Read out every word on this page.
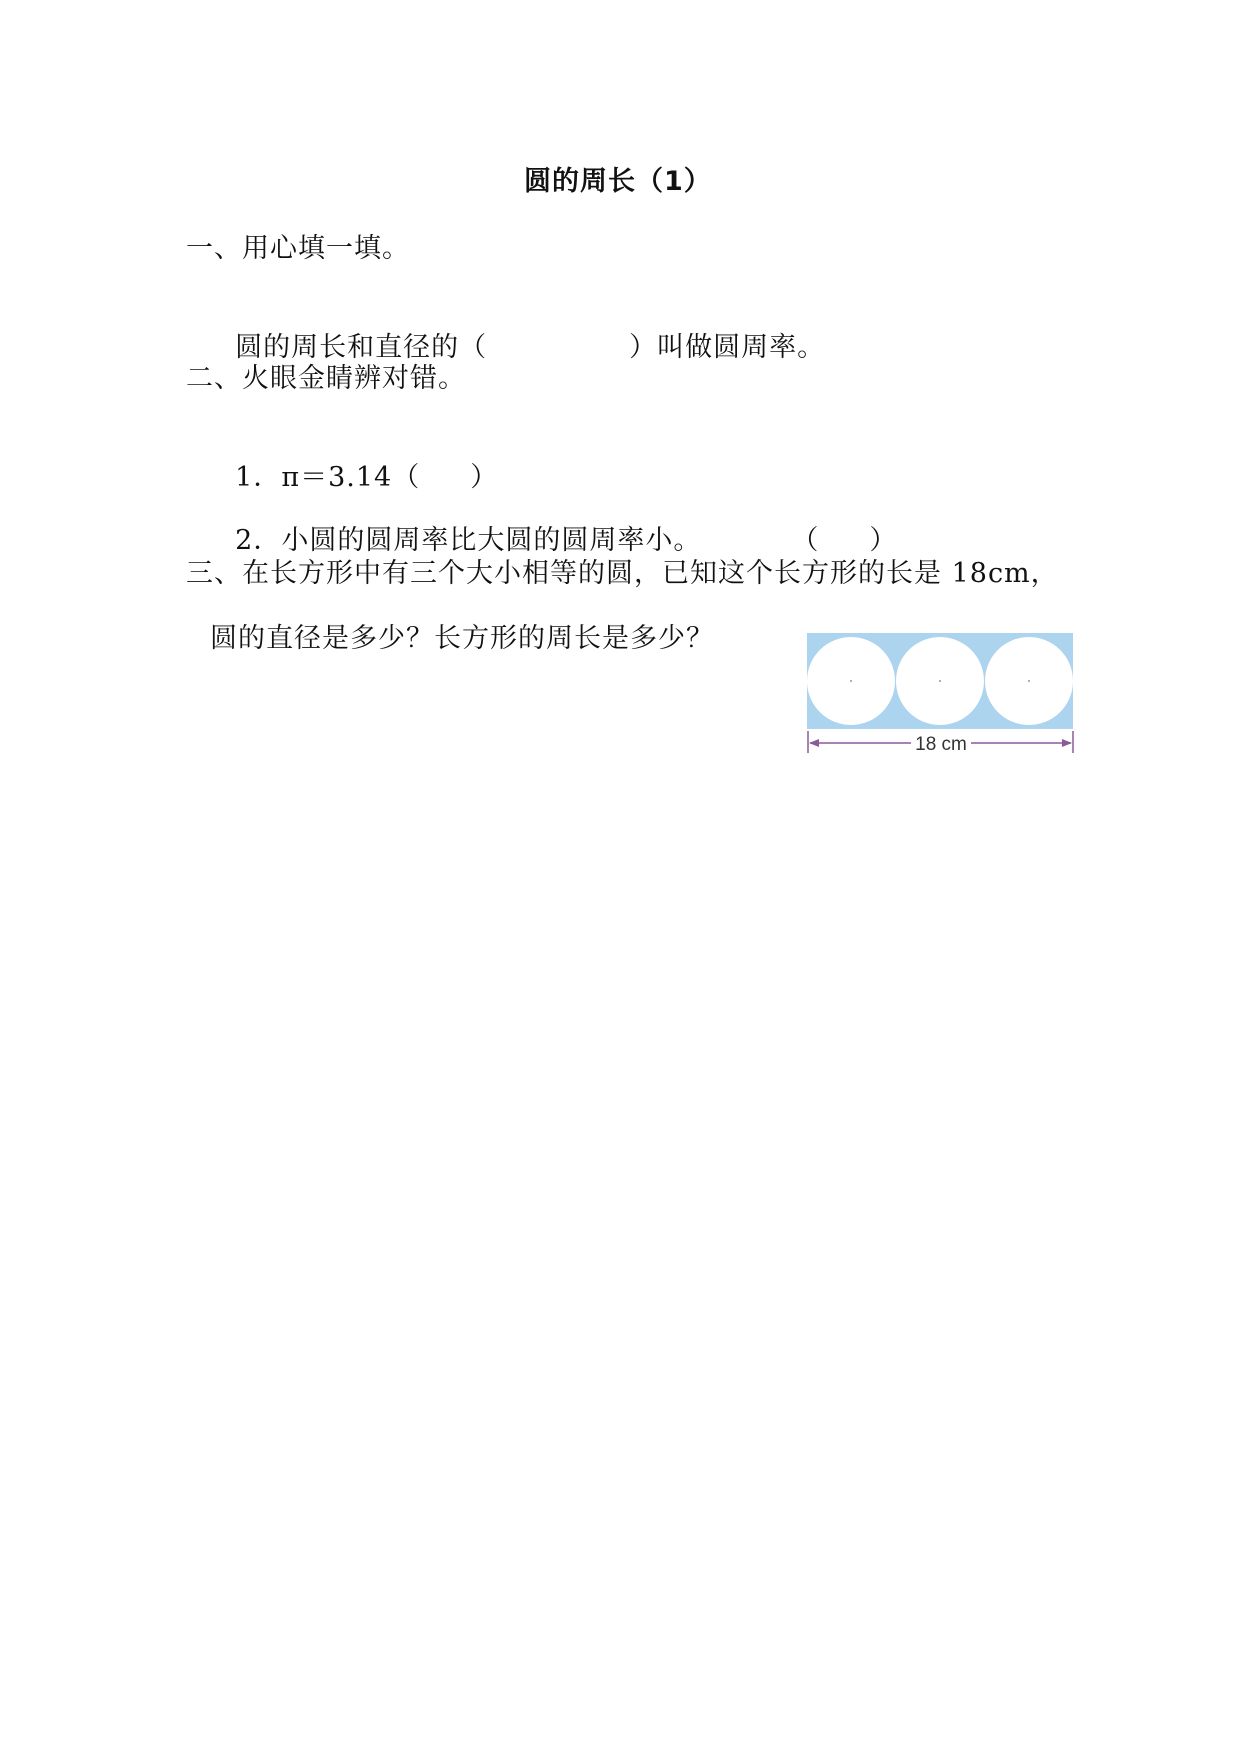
圆的周长（1）
一、用心填一填。

圆的周长和直径的（	）叫做圆周率。

二、火眼金睛辨对错。

1．π＝3.14（ ）

2．小圆的圆周率比大圆的圆周率小。	（ ）

三、在长方形中有三个大小相等的圆，已知这个长方形的长是 18cm，
圆的直径是多少？长方形的周长是多少？
18 cm
